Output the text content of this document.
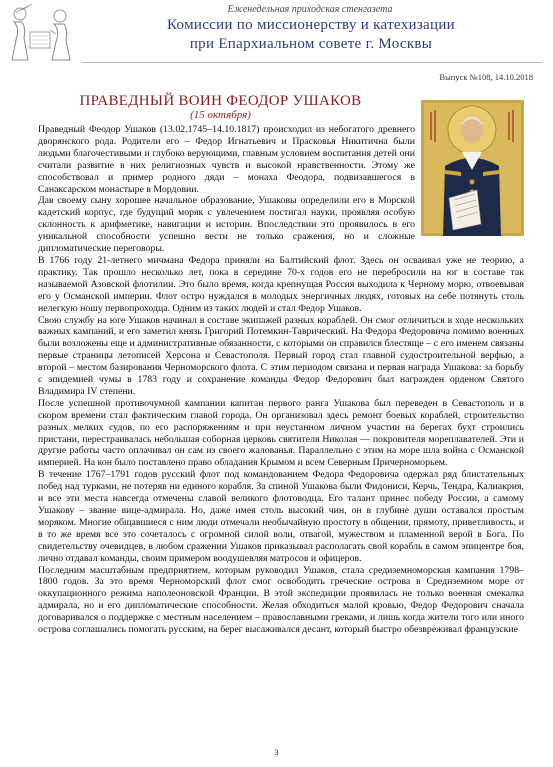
Еженедельная приходская стенгазета
Комиссии по миссионерству и катехизации
при Епархиальном совете г. Москвы
Выпуск №108, 14.10.2018
ПРАВЕДНЫЙ ВОИН ФЕОДОР УШАКОВ
(15 октября)

Праведный Феодор Ушаков (13.02.1745–14.10.1817) происходил из небогатого древнего дворянского рода. Родители его – Федор Игнатьевич и Прасковья Никитична были людьми благочестивыми и глубоко верующими, главным условием воспитания детей они считали развитие в них религиозных чувств и высокой нравственности. Этому же способствовал и пример родного дяди – монаха Феодора, подвизавшегося в Санаксарском монастыре в Мордовии.

Дав своему сыну хорошее начальное образование, Ушаковы определили его в Морской кадетский корпус, где будущий моряк с увлечением постигал науки, проявляя особую склонность к арифметике, навигации и истории. Впоследствии это проявилось в его уникальной способности успешно вести не только сражения, но и сложные дипломатические переговоры.

В 1766 году 21-летнего мичмана Федора приняли на Балтийский флот. Здесь он осваивал уже не теорию, а практику. Так прошло несколько лет, пока в середине 70-х годов его не перебросили на юг в составе так называемой Азовской флотилии. Это было время, когда крепнущая Россия выходила к Черному морю, отвоевывая его у Османской империи. Флот остро нуждался в молодых энергичных людях, готовых на себе потянуть столь нелегкую ношу первопроходца. Одним из таких людей и стал Федор Ушаков.

Свою службу на юге Ушаков начинал в составе экипажей разных кораблей. Он смог отличиться в ходе нескольких важных кампаний, и его заметил князь Григорий Потемкин-Таврический. На Федора Федоровича помимо военных были возложены еще и административные обязанности, с которыми он справился блестяще – с его именем связаны первые страницы летописей Херсона и Севастополя. Первый город стал главной судостроительной верфью, а второй – местом базирования Черноморского флота. С этим периодом связана и первая награда Ушакова: за борьбу с эпидемией чумы в 1783 году и сохранение команды Федор Федорович был награжден орденом Святого Владимира IV степени.

После успешной противочумной кампании капитан первого ранга Ушакова был переведен в Севастополь и в скором времени стал фактическим главой города. Он организовал здесь ремонт боевых кораблей, строительство разных мелких судов, по его распоряжениям и при неустанном личном участии на берегах бухт строились пристани, перестраивалась небольшая соборная церковь святителя Николая — покровителя мореплавателей. Эти и другие работы часто оплачивал он сам из своего жалованья. Параллельно с этим на море шла война с Османской империей. На кон было поставлено право обладания Крымом и всем Северным Причерноморьем.

В течение 1767–1791 годов русский флот под командованием Федора Федоровича одержал ряд блистательных побед над турками, не потеряв ни единого корабля. За спиной Ушакова были Фидониси, Керчь, Тендра, Калиакрия, и все эти места навсегда отмечены славой великого флотоводца. Его талант принес победу России, а самому Ушакову – звание вице-адмирала. Но, даже имея столь высокий чин, он в глубине души оставался простым моряком. Многие общавшиеся с ним люди отмечали необычайную простоту в общении, прямоту, приветливость, и в то же время все это сочеталось с огромной силой воли, отвагой, мужеством и пламенной верой в Бога. По свидетельству очевидцев, в любом сражении Ушаков приказывал располагать свой корабль в самом эпицентре боя, лично отдавал команды, своим примером воодушевляя матросов и офицеров.

Последним масштабным предприятием, которым руководил Ушаков, стала средиземноморская кампания 1798–1800 годов. За это время Черноморский флот смог освободить греческие острова в Средиземном море от оккупационного режима наполеоновской Франции. В этой экспедиции проявилась не только военная смекалка адмирала, но и его дипломатические способности. Желая обходиться малой кровью, Федор Федорович сначала договаривался о поддержке с местным населением – православными греками, и лишь когда жители того или иного острова соглашались помогать русским, на берег высаживался десант, который быстро обезвреживал французские

3
